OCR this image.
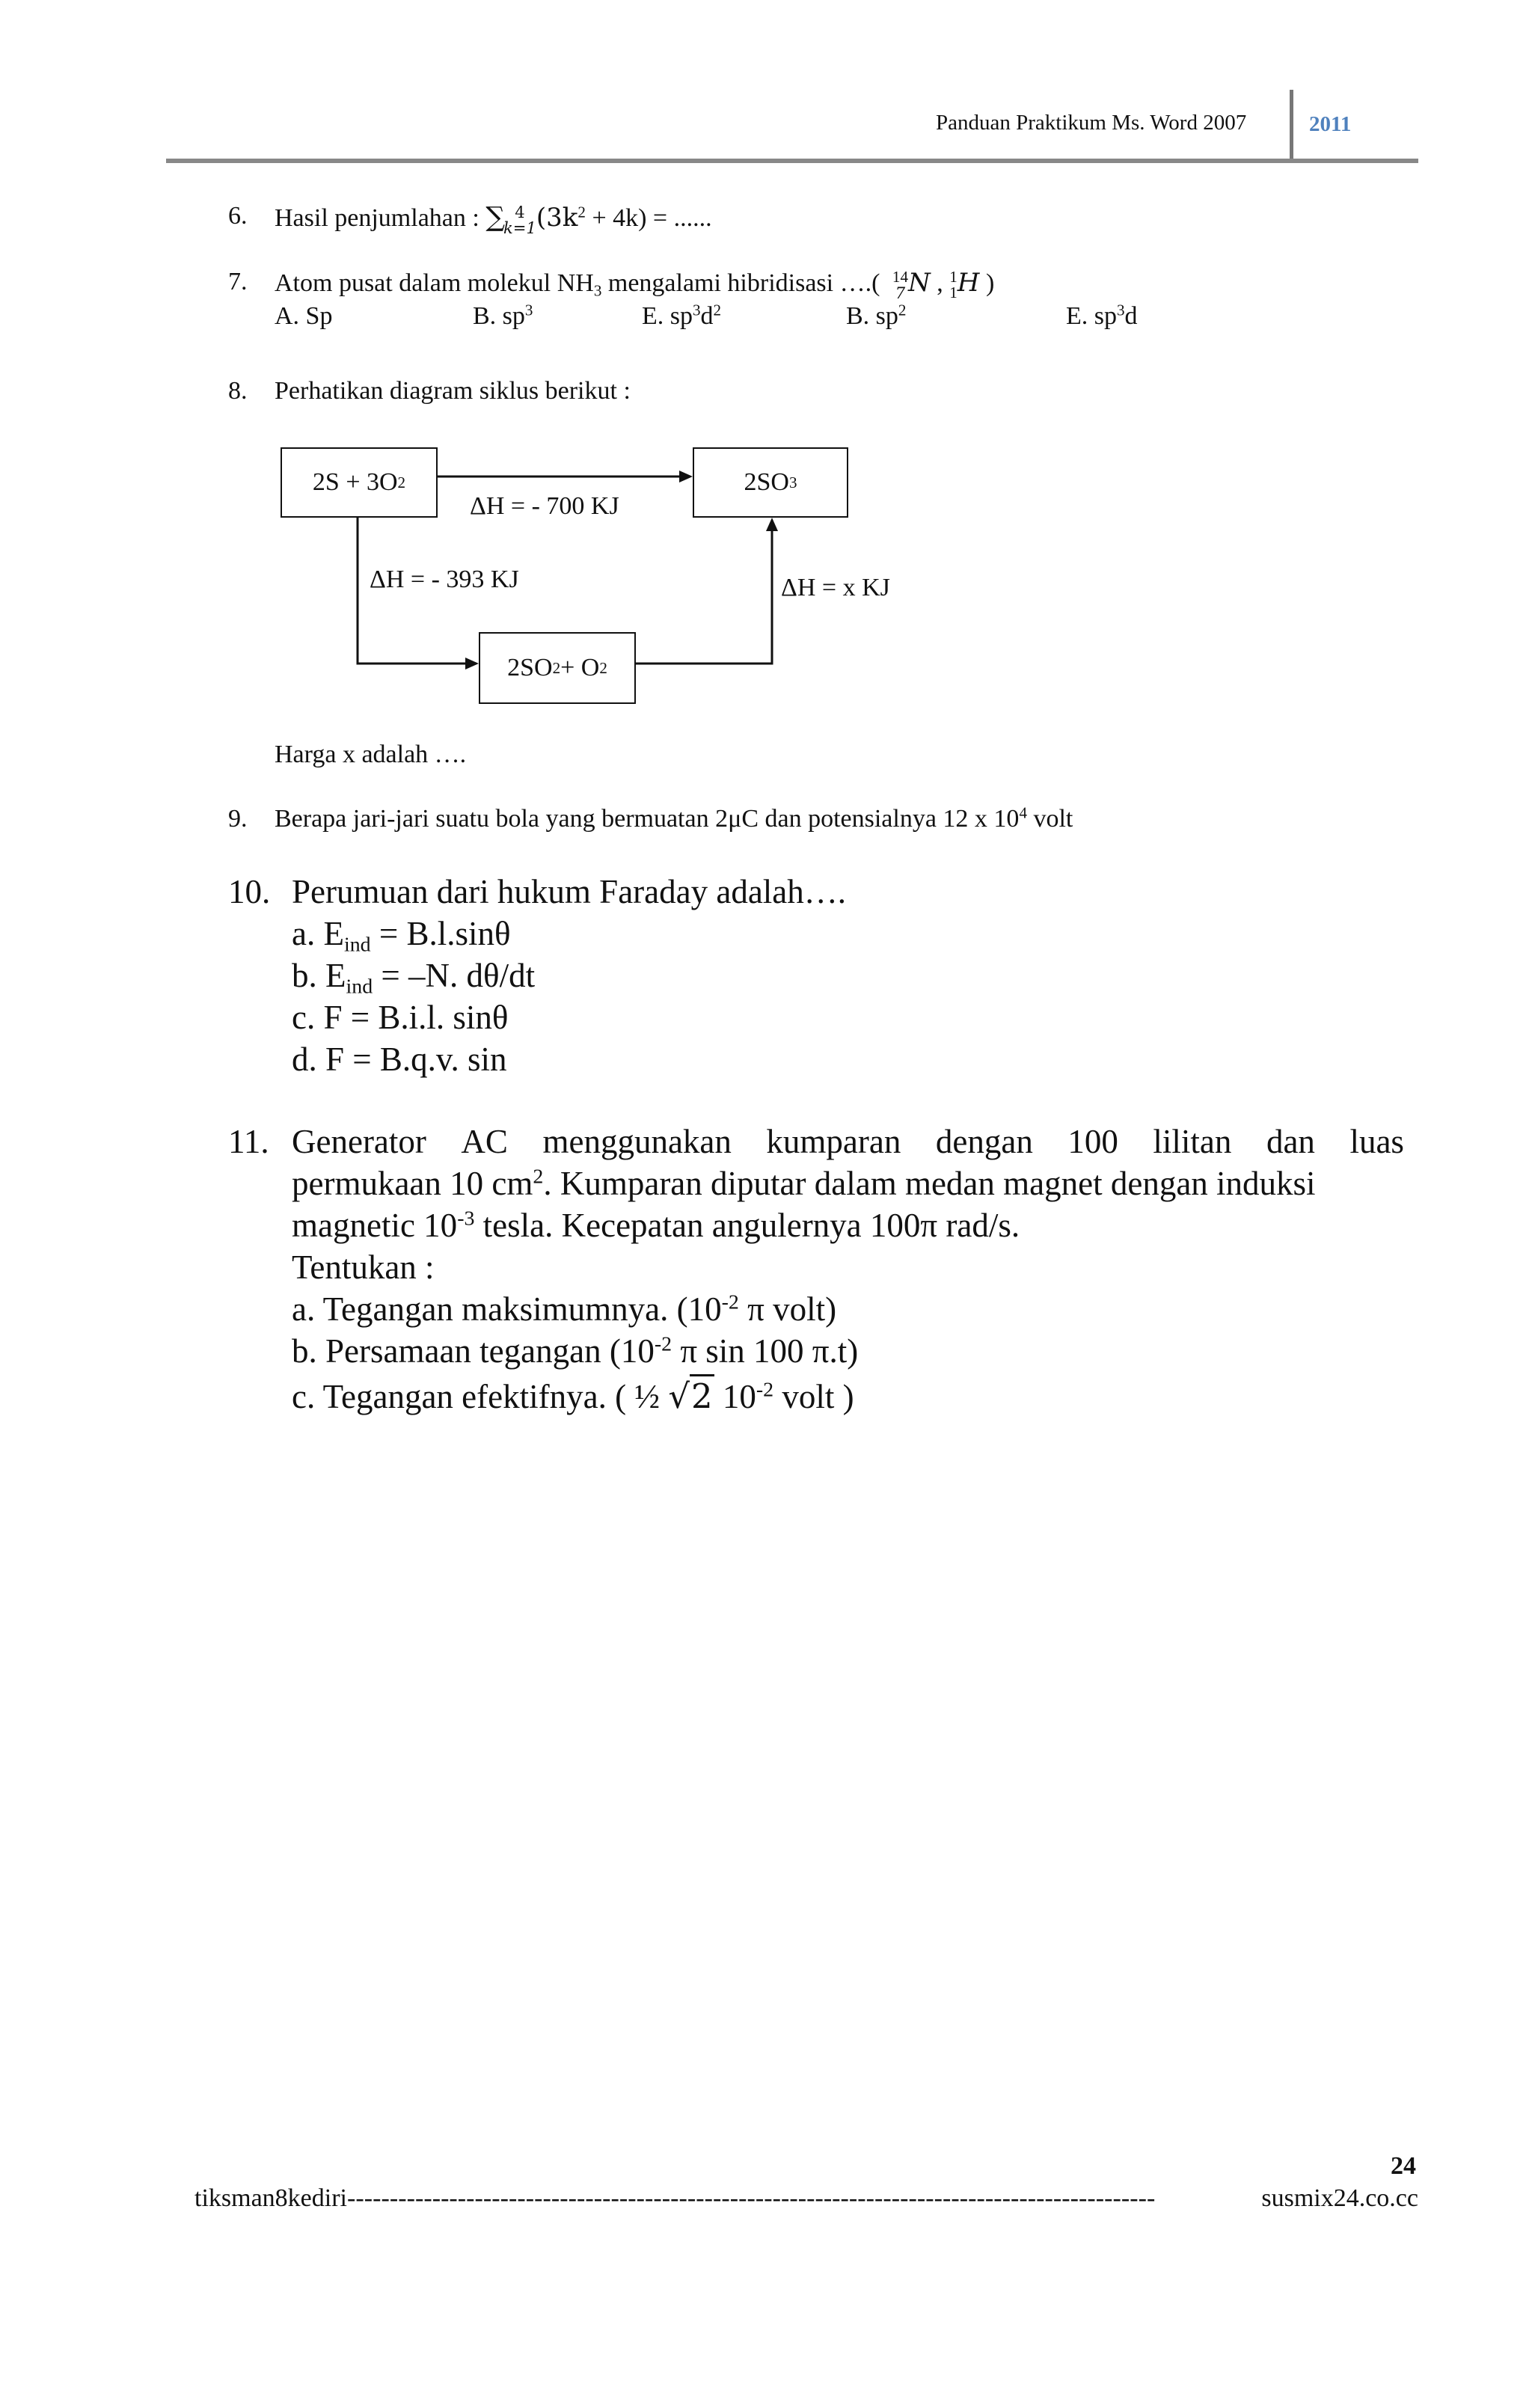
Panduan Praktikum Ms. Word 2007	2011
6. Hasil penjumlahan : ∑ 4
k=1 $(3k^2 + 4k)$ = ......
7. Atom pusat dalam molekul $NH_3$ mengalami hibridisasi ….( 14
7 N , 1
1 H )
A. Sp	B. $sp^3$	E. $sp^3d^2$	B. $sp^2$	E. $sp^3d$
8. Perhatikan diagram siklus berikut :
2S + 3O 2	2SO 3
2SO 2 + O 2
ΔH = - 700 KJ
ΔH = - 393 KJ	ΔH = x KJ
Harga x adalah ….
9. Berapa jari-jari suatu bola yang bermuatan 2μC dan potensialnya 12 x $10^4$ volt
10. Perumuan dari hukum Faraday adalah….
a. $E_{ind} = B.l.\sin\theta$
b. $E_{ind} = -N$. dθ/dt
c. F = B.i.l. sinθ
d. F = B.q.v. sin
11. Generator AC menggunakan kumparan dengan 100 lilitan dan luas
permukaan 10 $cm^2$. Kumparan diputar dalam medan magnet dengan induksi
magnetic $10^{-3}$ tesla. Kecepatan angulernya 100π rad/s.
Tentukan :
a. Tegangan maksimumnya. ($10^{-2}$ π volt)
b. Persamaan tegangan ($10^{-2}$ π sin 100 π.t)
c. Tegangan efektifnya. ( ½ √2 $10^{-2}$ volt )
24
tiksman8kediri -----------------------------------------------------------------------------------------------	susmix24.co.cc
